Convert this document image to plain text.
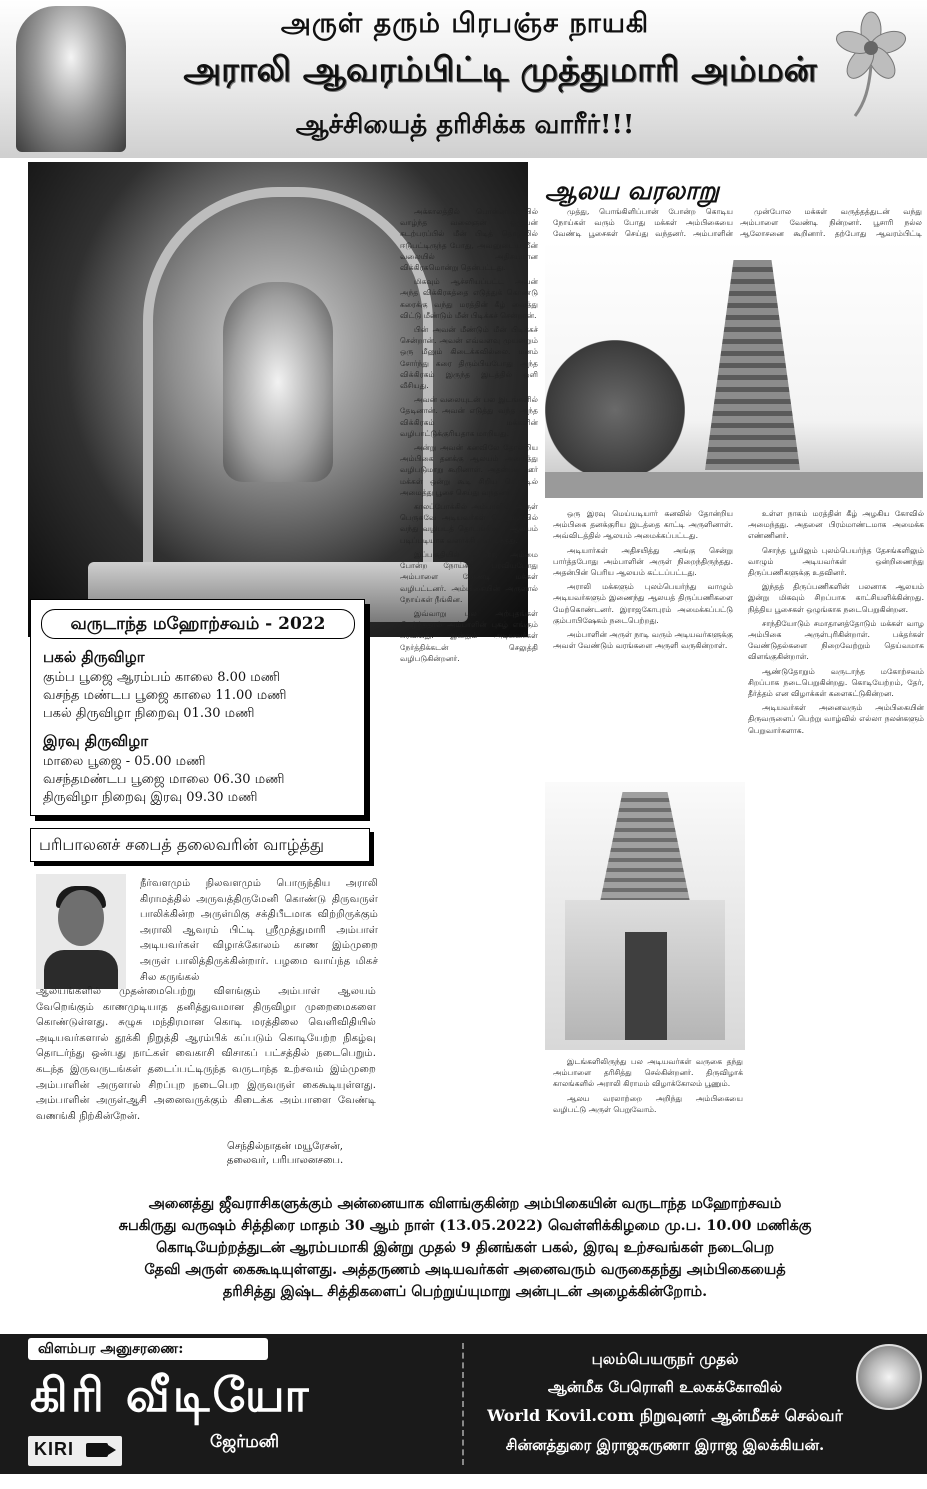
அருள் தரும் பிரபஞ்ச நாயகி
அராலி ஆவரம்பிட்டி முத்துமாரி அம்மன்
ஆச்சியைத் தரிசிக்க வாரீர்!!!
ஆலய வரலாறு

அக்காலத்தில் பொன்னாலையில் வாழ்ந்த வலைஞன் ஒருவன் கடற்பரப்பில் மீன் பிடித் தொழிலில் ஈடுபட்டிருந்த போது, அவனுடைய மீன் வலையில் அதிசயமான விக்கிரகமொன்று தென்பட்டது.

மிகவும் ஆச்சரியப்பட்ட அவன் அந்த விக்கிரகத்தை எடுத்துக் கொண்டு கரைக்கு வந்து மரத்தின் கீழ் வைத்து விட்டு மீண்டும் மீன் பிடிக்கச் சென்றான்.

பின் அவன் மீண்டும் மீன் பிடிக்கச் சென்றான். அவன் எவ்வளவு முயன்றும் ஒரு மீனும் கிடைக்கவில்லை. மனம் சோர்ந்து கரை திரும்பியபோது அந்த விக்கிரகம் இருந்த இடத்தில் ஒளி வீசியது.

அவன் வலையுடன் பல இடங்களில் தேடினான். அவன் எடுத்து வந்த அந்த விக்கிரகம் மக்களின் வழிபாட்டுக்குரியதாக மாறியது.

அன்று அவன் கனவிலே தோன்றிய அம்பிகை தனக்கு ஆலயம் அமைத்து வழிபடுமாறு கூறினாள். அதன்படி ஊர் மக்கள் ஒன்று கூடி சிறிய கொட்டில் அமைத்து பூசை செய்து வந்தனர்.

காலப்போக்கில் அம்பாளின் அருள் பெருகவே அடியவர்கள் பெருமளவில் வந்து வழிபடத் தொடங்கினர். ஆலயம் படிப்படியாக வளர்ச்சி அடைந்தது.

இப்பகுதியில் காலரா, அம்மை போன்ற நோய்கள் பரவியபோது அம்பாளை வேண்டி மக்கள் வழிபட்டனர். அம்பிகையின் அருளால் நோய்கள் நீங்கின.

இவ்வாறு பல அற்புதங்கள் நிகழ்ந்ததால் அம்பாளின் புகழ் எங்கும் பரவியது. இன்றும் அடியவர்கள் நேர்த்திக்கடன் செலுத்தி வழிபடுகின்றனர்.

முத்து, பொங்கிளிப்பான் போன்ற கொடிய நோய்கள் வரும் போது மக்கள் அம்பிகையை வேண்டி பூசைகள் செய்து வந்தனர். அம்பாளின்

முன்போல மக்கள் வருத்தத்துடன் வந்து அம்பாளை வேண்டி நின்றனர். பூசாரி நல்ல ஆலோசனை கூறினார். தற்போது ஆவரம்பிட்டி

ஒரு இரவு மெய்யடியார் கனவில் தோன்றிய அம்பிகை தனக்குரிய இடத்தை காட்டி அருளினாள். அவ்விடத்தில் ஆலயம் அமைக்கப்பட்டது.

அடியார்கள் அதிசயித்து அங்கு சென்று பார்த்தபோது அம்பாளின் அருள் நிறைந்திருந்தது. அதன்பின் பெரிய ஆலயம் கட்டப்பட்டது.

அராலி மக்களும் புலம்பெயர்ந்து வாழும் அடியவர்களும் இணைந்து ஆலயத் திருப்பணிகளை மேற்கொண்டனர். இராஜகோபுரம் அமைக்கப்பட்டு கும்பாபிஷேகம் நடைபெற்றது.

அம்பாளின் அருள் நாடி வரும் அடியவர்களுக்கு அவள் வேண்டும் வரங்களை அருளி வருகின்றாள்.

உள்ள நாகம் மரத்தின் கீழ் அழகிய கோவில் அமைந்தது. அதனை பிரம்மாண்டமாக அமைக்க எண்ணினர்.

சொந்த பூமிலும் புலம்பெயர்ந்த தேசங்களிலும் வாழும் அடியவர்கள் ஒன்றிணைந்து திருப்பணிகளுக்கு உதவினர்.

இந்தத் திருப்பணிகளின் பலனாக ஆலயம் இன்று மிகவும் சிறப்பாக காட்சியளிக்கின்றது. நித்திய பூசைகள் ஒழுங்காக நடைபெறுகின்றன.

சாந்தியோடும் சமாதானத்தோடும் மக்கள் வாழ அம்பிகை அருள்புரிகின்றாள். பக்தர்கள் வேண்டுதல்களை நிறைவேற்றும் தெய்வமாக விளங்குகின்றாள்.

ஆண்டுதோறும் வருடாந்த மகோற்சவம் சிறப்பாக நடைபெறுகின்றது. கொடியேற்றம், தேர், தீர்த்தம் என விழாக்கள் களைகட்டுகின்றன.

அடியவர்கள் அனைவரும் அம்பிகையின் திருவருளைப் பெற்று வாழ்வில் எல்லா நலன்களும் பெறுவார்களாக.

இடங்களிலிருந்து பல அடியவர்கள் வருகை தந்து அம்பாளை தரிசித்து செல்கின்றனர். திருவிழாக் காலங்களில் அராலி கிராமம் விழாக்கோலம் பூணும்.

ஆலய வரலாற்றை அறிந்து அம்பிகையை வழிபட்டு அருள் பெறுவோம்.

வருடாந்த மஹோற்சவம் - 2022
பகல் திருவிழா
கும்ப பூஜை ஆரம்பம் காலை 8.00 மணி
வசந்த மண்டப பூஜை காலை 11.00 மணி
பகல் திருவிழா நிறைவு 01.30 மணி
இரவு திருவிழா
மாலை பூஜை - 05.00 மணி
வசந்தமண்டப பூஜை மாலை 06.30 மணி
திருவிழா நிறைவு இரவு 09.30 மணி
பரிபாலனச் சபைத் தலைவரின் வாழ்த்து

நீர்வளமும் நிலவளமும் பொருந்திய அராலி கிராமத்தில் அருவத்திருமேனி கொண்டு திருவருள் பாலிக்கின்ற அருள்மிகு சக்திபீடமாக விற்றிருக்கும் அராலி ஆவரம் பிட்டி ஸ்ரீமுத்துமாரி அம்பாள் அடியவர்கள் விழாக்கோலம் காண இம்முறை அருள் பாலித்திருக்கின்றார். பழமை வாய்ந்த மிகச் சில கருங்கல்

ஆலயங்களில் முதன்மைபெற்று விளங்கும் அம்பாள் ஆலயம் வேறெங்கும் காணமுடியாத தனித்துவமான திருவிழா முறைமைகளை கொண்டுள்ளது. சுழுசு மந்திரமான கொடி மரத்திலை வெளிவிதியில் அடியவர்களால் தூக்கி நிறுத்தி ஆரம்பிக் கப்படும் கொடியேற்ற நிகழ்வு தொடர்ந்து ஒன்பது நாட்கள் வைகாசி விசாகப் பட்சத்தில் நடைபெறும். கடந்த இருவருடங்கள் தடைப்பட்டிருந்த வருடாந்த உற்சவம் இம்முறை அம்பாளின் அருளால் சிறப்புற நடைபெற இருவருள் கைகூடியுள்ளது. அம்பாளின் அருள்ஆசி அனைவருக்கும் கிடைக்க அம்பாளை வேண்டி வணங்கி நிற்கின்றேன்.

செந்தில்நாதன் மயூரேசன்,
தலைவர், பரிபாலனசபை.
அனைத்து ஜீவராசிகளுக்கும் அன்னையாக விளங்குகின்ற அம்பிகையின் வருடாந்த மஹோற்சவம்
சுபகிருது வருஷம் சித்திரை மாதம் 30 ஆம் நாள் (13.05.2022) வெள்ளிக்கிழமை மு.ப. 10.00 மணிக்கு
கொடியேற்றத்துடன் ஆரம்பமாகி இன்று முதல் 9 தினங்கள் பகல், இரவு உற்சவங்கள் நடைபெற
தேவி அருள் கைகூடியுள்ளது. அத்தருணம் அடியவர்கள் அனைவரும் வருகைதந்து அம்பிகையைத்
தரிசித்து இஷ்ட சித்திகளைப் பெற்றுய்யுமாறு அன்புடன் அழைக்கின்றோம்.
விளம்பர அனுசரணை:
கிரி வீடியோ
KIRI	ஜேர்மனி
புலம்பெயருநர் முதல்
ஆன்மீக பேரொளி உலகக்கோவில்
World Kovil.com நிறுவுனர் ஆன்மீகச் செல்வர்
சின்னத்துரை இராஜகருணா இராஜ இலக்கியன்.
